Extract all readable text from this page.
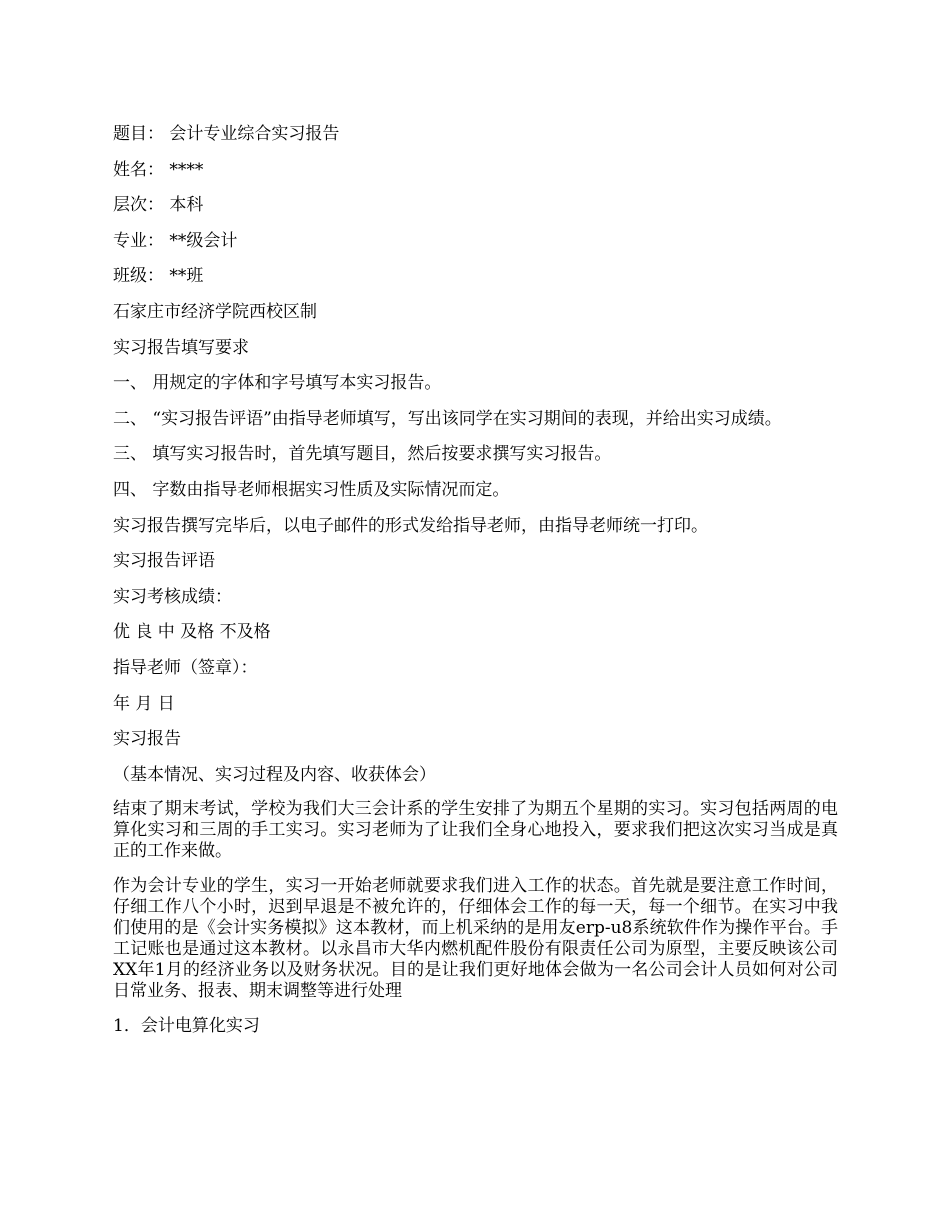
题目： 会计专业综合实习报告
姓名： ****
层次： 本科
专业： **级会计
班级： **班
石家庄市经济学院西校区制
实习报告填写要求
一、 用规定的字体和字号填写本实习报告。
二、 “实习报告评语”由指导老师填写，写出该同学在实习期间的表现，并给出实习成绩。
三、 填写实习报告时，首先填写题目，然后按要求撰写实习报告。
四、 字数由指导老师根据实习性质及实际情况而定。
实习报告撰写完毕后，以电子邮件的形式发给指导老师，由指导老师统一打印。
实习报告评语
实习考核成绩：
优 良 中 及格 不及格
指导老师（签章）：
年 月 日
实习报告
（基本情况、实习过程及内容、收获体会）
结束了期末考试，学校为我们大三会计系的学生安排了为期五个星期的实习。实习包括两周的电算化实习和三周的手工实习。实习老师为了让我们全身心地投入，要求我们把这次实习当成是真正的工作来做。
作为会计专业的学生，实习一开始老师就要求我们进入工作的状态。首先就是要注意工作时间，仔细工作八个小时，迟到早退是不被允许的，仔细体会工作的每一天，每一个细节。在实习中我们使用的是《会计实务模拟》这本教材，而上机采纳的是用友erp-u8系统软件作为操作平台。手工记账也是通过这本教材。以永昌市大华内燃机配件股份有限责任公司为原型，主要反映该公司XX年1月的经济业务以及财务状况。目的是让我们更好地体会做为一名公司会计人员如何对公司日常业务、报表、期末调整等进行处理
1．会计电算化实习
